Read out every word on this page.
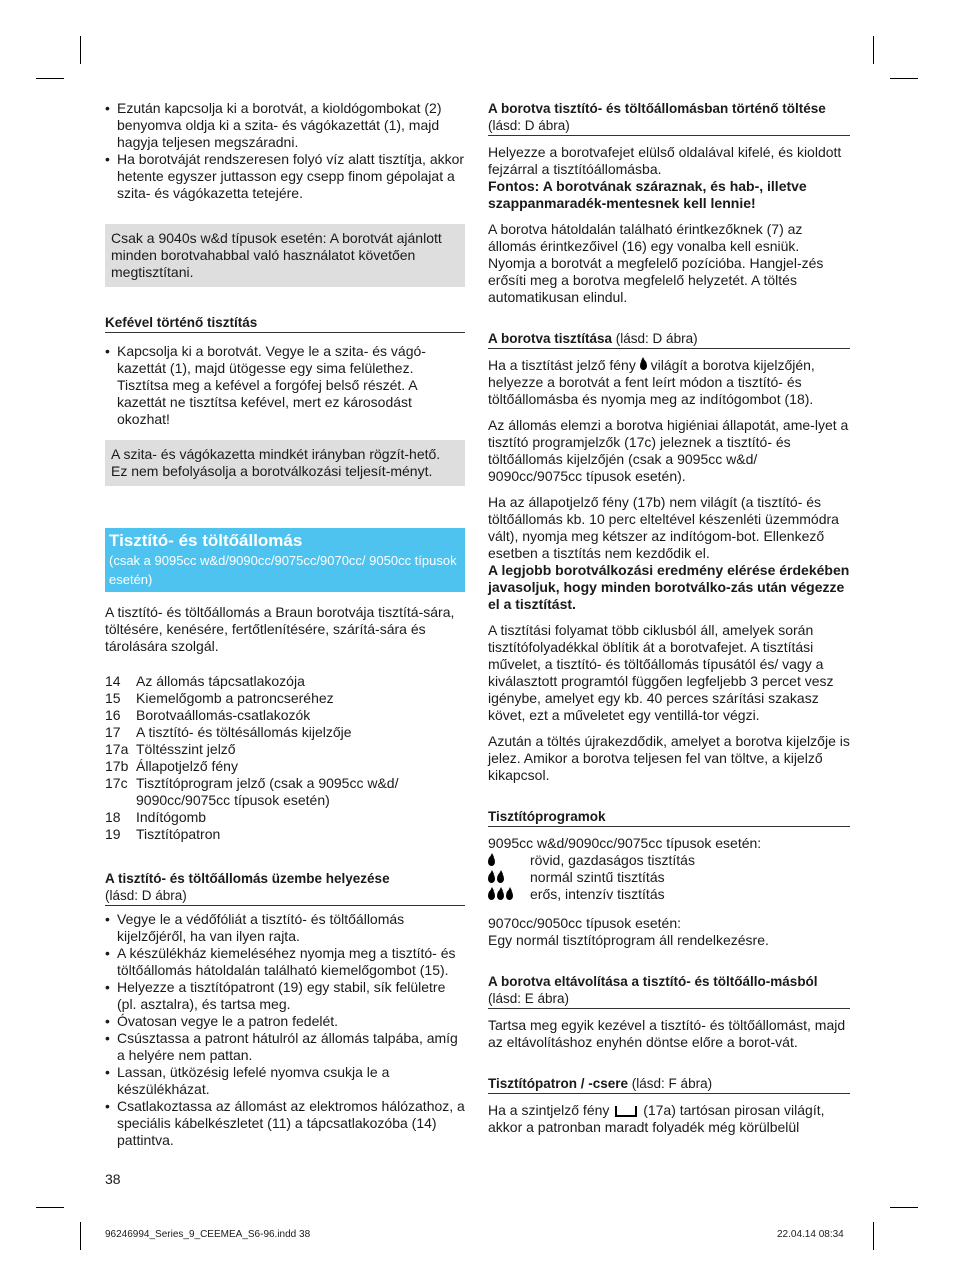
• Ezután kapcsolja ki a borotvát, a kioldógombokat (2) benyomva oldja ki a szita- és vágókazettát (1), majd hagyja teljesen megszáradni.
• Ha borotváját rendszeresen folyó víz alatt tisztítja, akkor hetente egyszer juttasson egy csepp finom gépolajat a szita- és vágókazetta tetejére.
Csak a 9040s w&d típusok esetén: A borotvát ajánlott minden borotvahabbal való használatot követően megtisztítani.
Kefével történő tisztítás
• Kapcsolja ki a borotvát. Vegye le a szita- és vágó-kazettát (1), majd ütögesse egy sima felülethez. Tisztítsa meg a kefével a forgófej belső részét. A kazettát ne tisztítsa kefével, mert ez károsodást okozhat!
A szita- és vágókazetta mindkét irányban rögzít-hető. Ez nem befolyásolja a borotválkozási teljesít-ményt.
Tisztító- és töltőállomás
(csak a 9095cc w&d/9090cc/9075cc/9070cc/ 9050cc típusok esetén)

A tisztító- és töltőállomás a Braun borotvája tisztítá-sára, töltésére, kenésére, fertőtlenítésére, szárítá-sára és tárolására szolgál.

14	Az állomás tápcsatlakozója
15	Kiemelőgomb a patroncseréhez
16	Borotvaállomás-csatlakozók
17	A tisztító- és töltésállomás kijelzője
17a Töltésszint jelző
17b Állapotjelző fény
17c Tisztítóprogram jelző (csak a 9095cc w&d/ 9090cc/9075cc típusok esetén)
18	Indítógomb
19	Tisztítópatron
A tisztító- és töltőállomás üzembe helyezése
(lásd: D ábra)
• Vegye le a védőfóliát a tisztító- és töltőállomás kijelzőjéről, ha van ilyen rajta.
• A készülékház kiemeléséhez nyomja meg a tisztító- és töltőállomás hátoldalán található kiemelőgombot (15).
• Helyezze a tisztítópatront (19) egy stabil, sík felületre (pl. asztalra), és tartsa meg.
• Óvatosan vegye le a patron fedelét.
• Csúsztassa a patront hátulról az állomás talpába, amíg a helyére nem pattan.
• Lassan, ütközésig lefelé nyomva csukja le a készülékházat.
• Csatlakoztassa az állomást az elektromos hálózathoz, a speciális kábelkészletet (11) a tápcsatlakozóba (14) pattintva.
38
A borotva tisztító- és töltőállomásban történő töltése (lásd: D ábra)

Helyezze a borotvafejet elülső oldalával kifelé, és kioldott fejzárral a tisztítóállomásba.

Fontos: A borotvának száraznak, és hab-, illetve szappanmaradék-mentesnek kell lennie!

A borotva hátoldalán található érintkezőknek (7) az állomás érintkezőivel (16) egy vonalba kell esniük. Nyomja a borotvát a megfelelő pozícióba. Hangjel-zés erősíti meg a borotva megfelelő helyzetét. A töltés automatikusan elindul.

A borotva tisztítása (lásd: D ábra)

Ha a tisztítást jelző fény világít a borotva kijelzőjén, helyezze a borotvát a fent leírt módon a tisztító- és töltőállomásba és nyomja meg az indítógombot (18).

Az állomás elemzi a borotva higiéniai állapotát, ame-lyet a tisztító programjelzők (17c) jeleznek a tisztító- és töltőállomás kijelzőjén (csak a 9095cc w&d/ 9090cc/9075cc típusok esetén).

Ha az állapotjelző fény (17b) nem világít (a tisztító- és töltőállomás kb. 10 perc elteltével készenléti üzemmódra vált), nyomja meg kétszer az indítógom-bot. Ellenkező esetben a tisztítás nem kezdődik el.

A legjobb borotválkozási eredmény elérése érdekében javasoljuk, hogy minden borotválko-zás után végezze el a tisztítást.

A tisztítási folyamat több ciklusból áll, amelyek során tisztítófolyadékkal öblítik át a borotvafejet. A tisztítási művelet, a tisztító- és töltőállomás típusától és/ vagy a kiválasztott programtól függően legfeljebb 3 percet vesz igénybe, amelyet egy kb. 40 perces szárítási szakasz követ, ezt a műveletet egy ventillá-tor végzi.

Azután a töltés újrakezdődik, amelyet a borotva kijelzője is jelez. Amikor a borotva teljesen fel van töltve, a kijelző kikapcsol.

Tisztítóprogramok

9095cc w&d/9090cc/9075cc típusok esetén:

rövid, gazdaságos tisztítás
normál szintű tisztítás
erős, intenzív tisztítás

9070cc/9050cc típusok esetén:

Egy normál tisztítóprogram áll rendelkezésre.

A borotva eltávolítása a tisztító- és töltőállo-másból (lásd: E ábra)

Tartsa meg egyik kezével a tisztító- és töltőállomást, majd az eltávolításhoz enyhén döntse előre a borot-vát.

Tisztítópatron / -csere (lásd: F ábra)

Ha a szintjelző fény (17a) tartósan pirosan világít, akkor a patronban maradt folyadék még körülbelül

96246994_Series_9_CEEMEA_S6-96.indd 38	22.04.14 08:34
